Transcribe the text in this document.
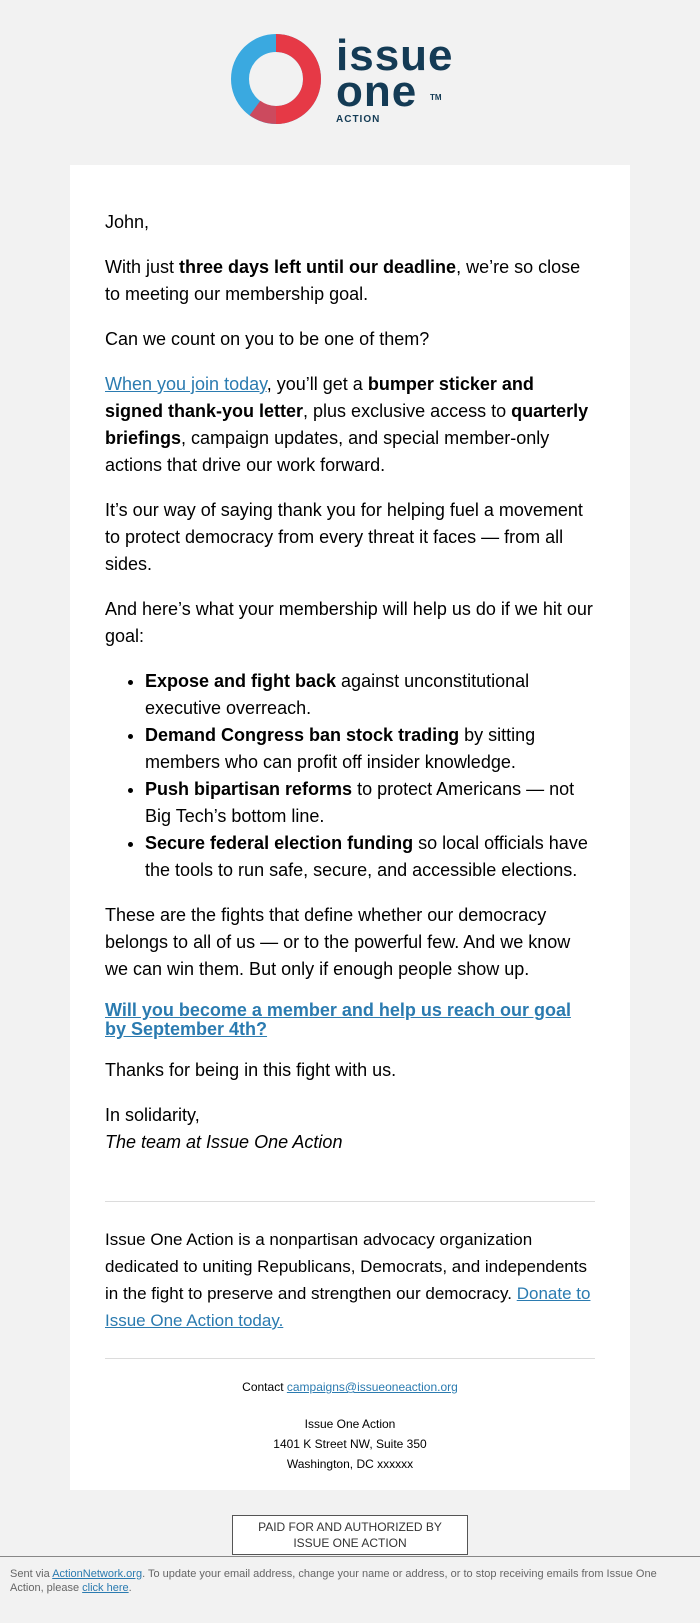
issue
one TM
ACTION

John,

With just three days left until our deadline, we’re so close to meeting our membership goal.

Can we count on you to be one of them?

When you join today, you’ll get a bumper sticker and signed thank-you letter, plus exclusive access to quarterly briefings, campaign updates, and special member-only actions that drive our work forward.

It’s our way of saying thank you for helping fuel a movement to protect democracy from every threat it faces — from all sides.

And here’s what your membership will help us do if we hit our goal:

• Expose and fight back against unconstitutional executive overreach.
• Demand Congress ban stock trading by sitting members who can profit off insider knowledge.
• Push bipartisan reforms to protect Americans — not Big Tech’s bottom line.
• Secure federal election funding so local officials have the tools to run safe, secure, and accessible elections.

These are the fights that define whether our democracy belongs to all of us — or to the powerful few. And we know we can win them. But only if enough people show up.

Will you become a member and help us reach our goal by September 4th?

Thanks for being in this fight with us.

In solidarity,
The team at Issue One Action

Issue One Action is a nonpartisan advocacy organization dedicated to uniting Republicans, Democrats, and independents in the fight to preserve and strengthen our democracy. Donate to Issue One Action today.

Contact campaigns@issueoneaction.org
Issue One Action
1401 K Street NW, Suite 350
Washington, DC xxxxxx
PAID FOR AND AUTHORIZED BY
ISSUE ONE ACTION
Sent via ActionNetwork.org. To update your email address, change your name or address, or to stop receiving emails from Issue One Action, please click here.
